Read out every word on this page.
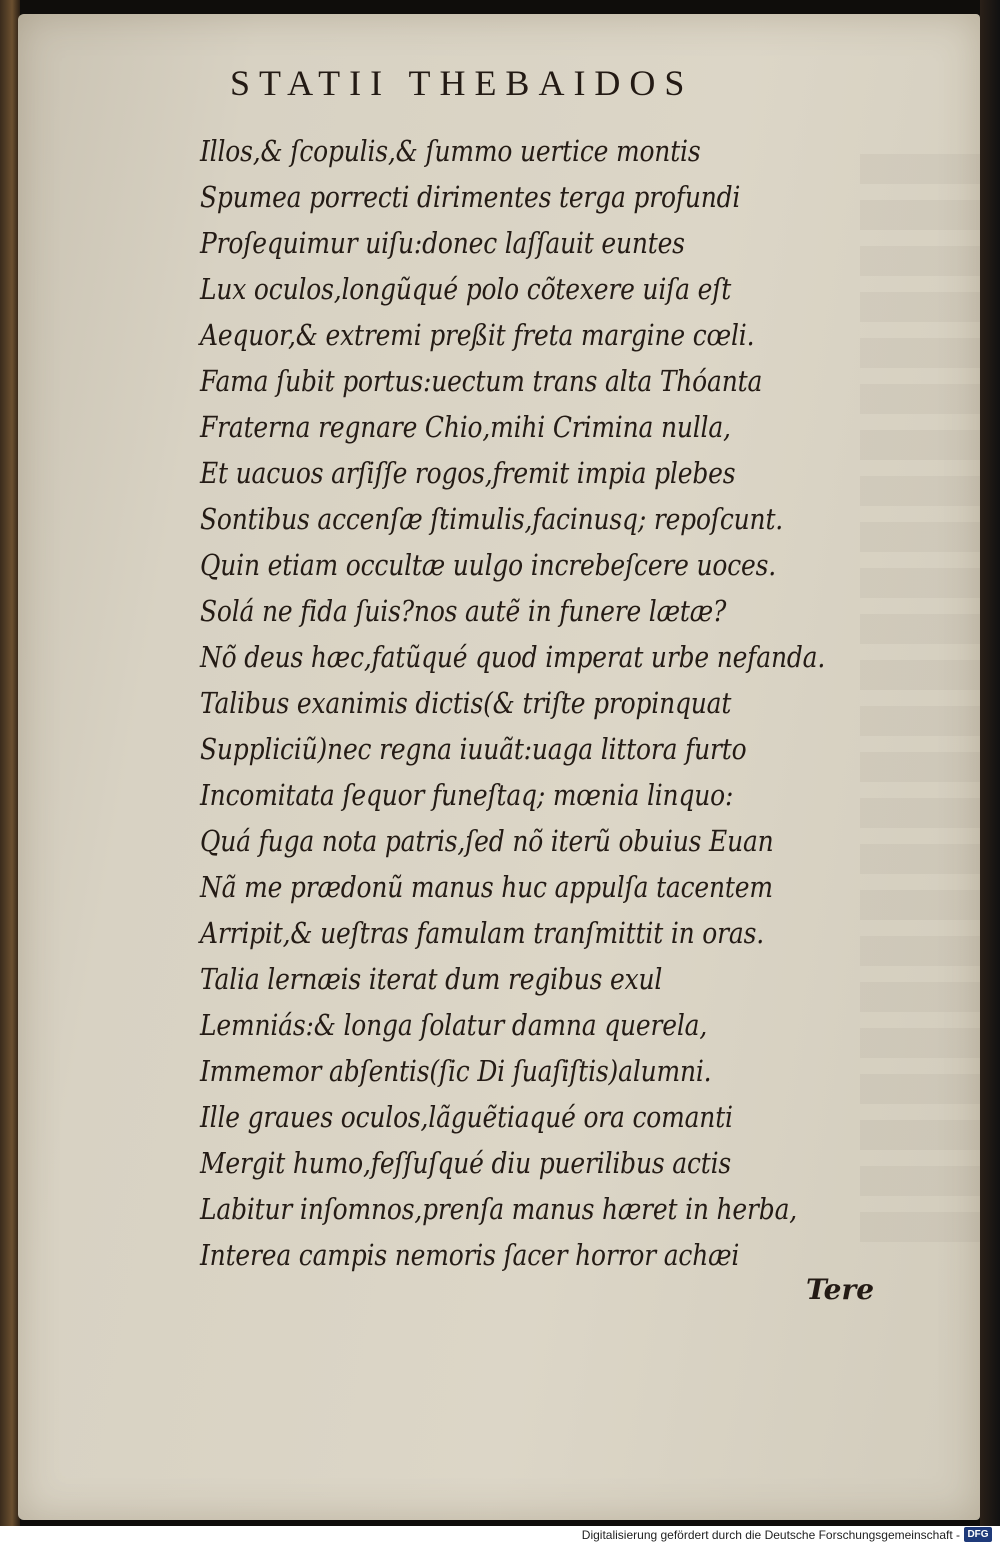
STATII THEBAIDOS
Illos,& ſcopulis,& ſummo uertice montis
Spumea porrecti dirimentes terga profundi
Proſequimur uiſu:donec laſſauit euntes
Lux oculos,longũqué polo cõtexere uiſa eſt
Aequor,& extremi preßit freta margine cœli.
Fama ſubit portus:uectum trans alta Thóanta
Fraterna regnare Chio,mihi Crimina nulla,
Et uacuos arſiſſe rogos,fremit impia plebes
Sontibus accenſæ ſtimulis,facinusq; repoſcunt.
Quin etiam occultæ uulgo increbeſcere uoces.
Solá ne fida ſuis?nos autẽ in funere lætæ?
Nõ deus hæc,fatũqué quod imperat urbe nefanda.
Talibus exanimis dictis(& triſte propinquat
Suppliciũ)nec regna iuuãt:uaga littora furto
Incomitata ſequor funeſtaq; mœnia linquo:
Quá fuga nota patris,ſed nõ iterũ obuius Euan
Nã me prædonũ manus huc appulſa tacentem
Arripit,& ueſtras famulam tranſmittit in oras.
Talia lernæis iterat dum regibus exul
Lemniás:& longa ſolatur damna querela,
Immemor abſentis(ſic Di ſuaſiſtis)alumni.
Ille graues oculos,lãguẽtiaqué ora comanti
Mergit humo,feſſuſqué diu puerilibus actis
Labitur inſomnos,prenſa manus hæret in herba,
Interea campis nemoris ſacer horror achæi
Tere
Digitalisierung gefördert durch die Deutsche Forschungsgemeinschaft - DFG
